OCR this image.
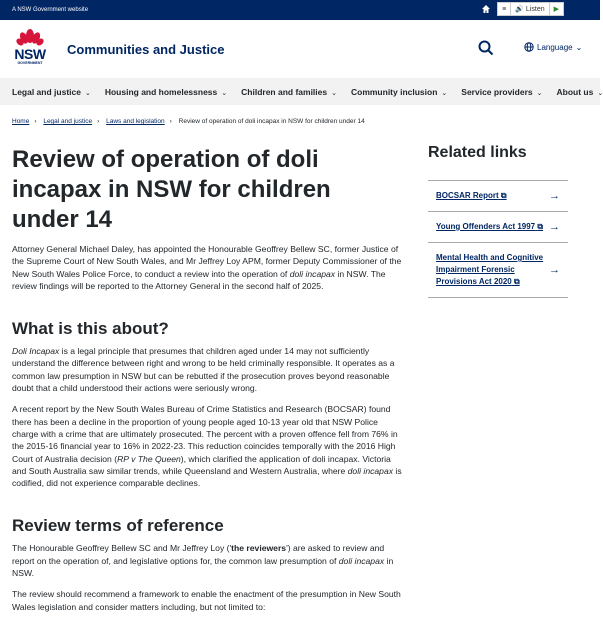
A NSW Government website	≡	🔊 Listen	▶
NSW
GOVERNMENT
Communities and Justice	Language ⌄
Legal and justice ⌄ Housing and homelessness ⌄ Children and families ⌄ Community inclusion ⌄ Service providers ⌄ About us ⌄
Home › Legal and justice › Laws and legislation › Review of operation of doli incapax in NSW for children under 14
Review of operation of doli incapax in NSW for children under 14

Attorney General Michael Daley, has appointed the Honourable Geoffrey Bellew SC, former Justice of the Supreme Court of New South Wales, and Mr Jeffrey Loy APM, former Deputy Commissioner of the New South Wales Police Force, to conduct a review into the operation of doli incapax in NSW. The review findings will be reported to the Attorney General in the second half of 2025.

What is this about?

Doli Incapax is a legal principle that presumes that children aged under 14 may not sufficiently understand the difference between right and wrong to be held criminally responsible. It operates as a common law presumption in NSW but can be rebutted if the prosecution proves beyond reasonable doubt that a child understood their actions were seriously wrong.

A recent report by the New South Wales Bureau of Crime Statistics and Research (BOCSAR) found there has been a decline in the proportion of young people aged 10-13 year old that NSW Police charge with a crime that are ultimately prosecuted. The percent with a proven offence fell from 76% in the 2015-16 financial year to 16% in 2022-23. This reduction coincides temporally with the 2016 High Court of Australia decision (RP v The Queen), which clarified the application of doli incapax. Victoria and South Australia saw similar trends, while Queensland and Western Australia, where doli incapax is codified, did not experience comparable declines.

Review terms of reference

The Honourable Geoffrey Bellew SC and Mr Jeffrey Loy ('the reviewers') are asked to review and report on the operation of, and legislative options for, the common law presumption of doli incapax in NSW.

The review should recommend a framework to enable the enactment of the presumption in New South Wales legislation and consider matters including, but not limited to:

Related links
BOCSAR Report ⧉	→
Young Offenders Act 1997 ⧉ →
Mental Health and Cognitive Impairment Forensic Provisions Act 2020 ⧉
→
